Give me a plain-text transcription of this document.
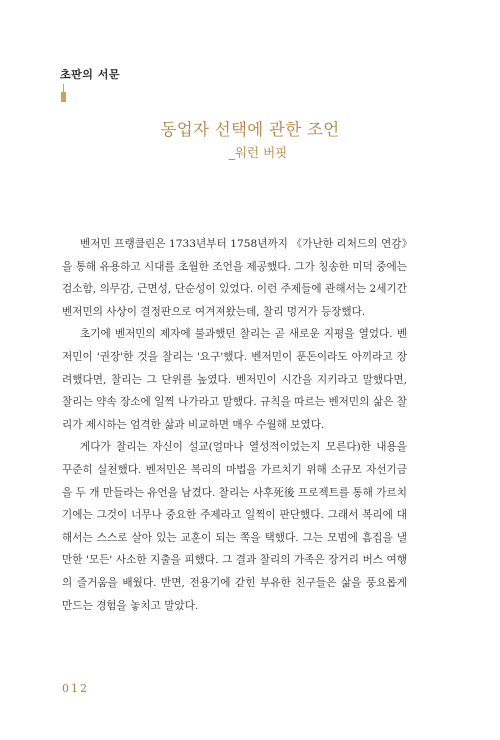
초판의 서문
동업자 선택에 관한 조언
_워런 버핏

벤저민 프랭클린은 1733년부터 1758년까지 《가난한 리처드의 연감》을 통해 유용하고 시대를 초월한 조언을 제공했다. 그가 칭송한 미덕 중에는 검소함, 의무감, 근면성, 단순성이 있었다. 이런 주제들에 관해서는 2세기간 벤저민의 사상이 결정판으로 여겨져왔는데, 찰리 멍거가 등장했다.

초기에 벤저민의 제자에 불과했던 찰리는 곧 새로운 지평을 열었다. 벤저민이 '권장'한 것을 찰리는 '요구'했다. 벤저민이 푼돈이라도 아끼라고 장려했다면, 찰리는 그 단위를 높였다. 벤저민이 시간을 지키라고 말했다면, 찰리는 약속 장소에 일찍 나가라고 말했다. 규칙을 따르는 벤저민의 삶은 찰리가 제시하는 엄격한 삶과 비교하면 매우 수월해 보였다.

게다가 찰리는 자신이 설교(얼마나 열성적이었는지 모른다)한 내용을 꾸준히 실천했다. 벤저민은 복리의 마법을 가르치기 위해 소규모 자선기금을 두 개 만들라는 유언을 남겼다. 찰리는 사후死後 프로젝트를 통해 가르치기에는 그것이 너무나 중요한 주제라고 일찍이 판단했다. 그래서 복리에 대해서는 스스로 살아 있는 교훈이 되는 쪽을 택했다. 그는 모범에 흠집을 낼 만한 '모든' 사소한 지출을 피했다. 그 결과 찰리의 가족은 장거리 버스 여행의 즐거움을 배웠다. 반면, 전용기에 갇힌 부유한 친구들은 삶을 풍요롭게 만드는 경험을 놓치고 말았다.

012
